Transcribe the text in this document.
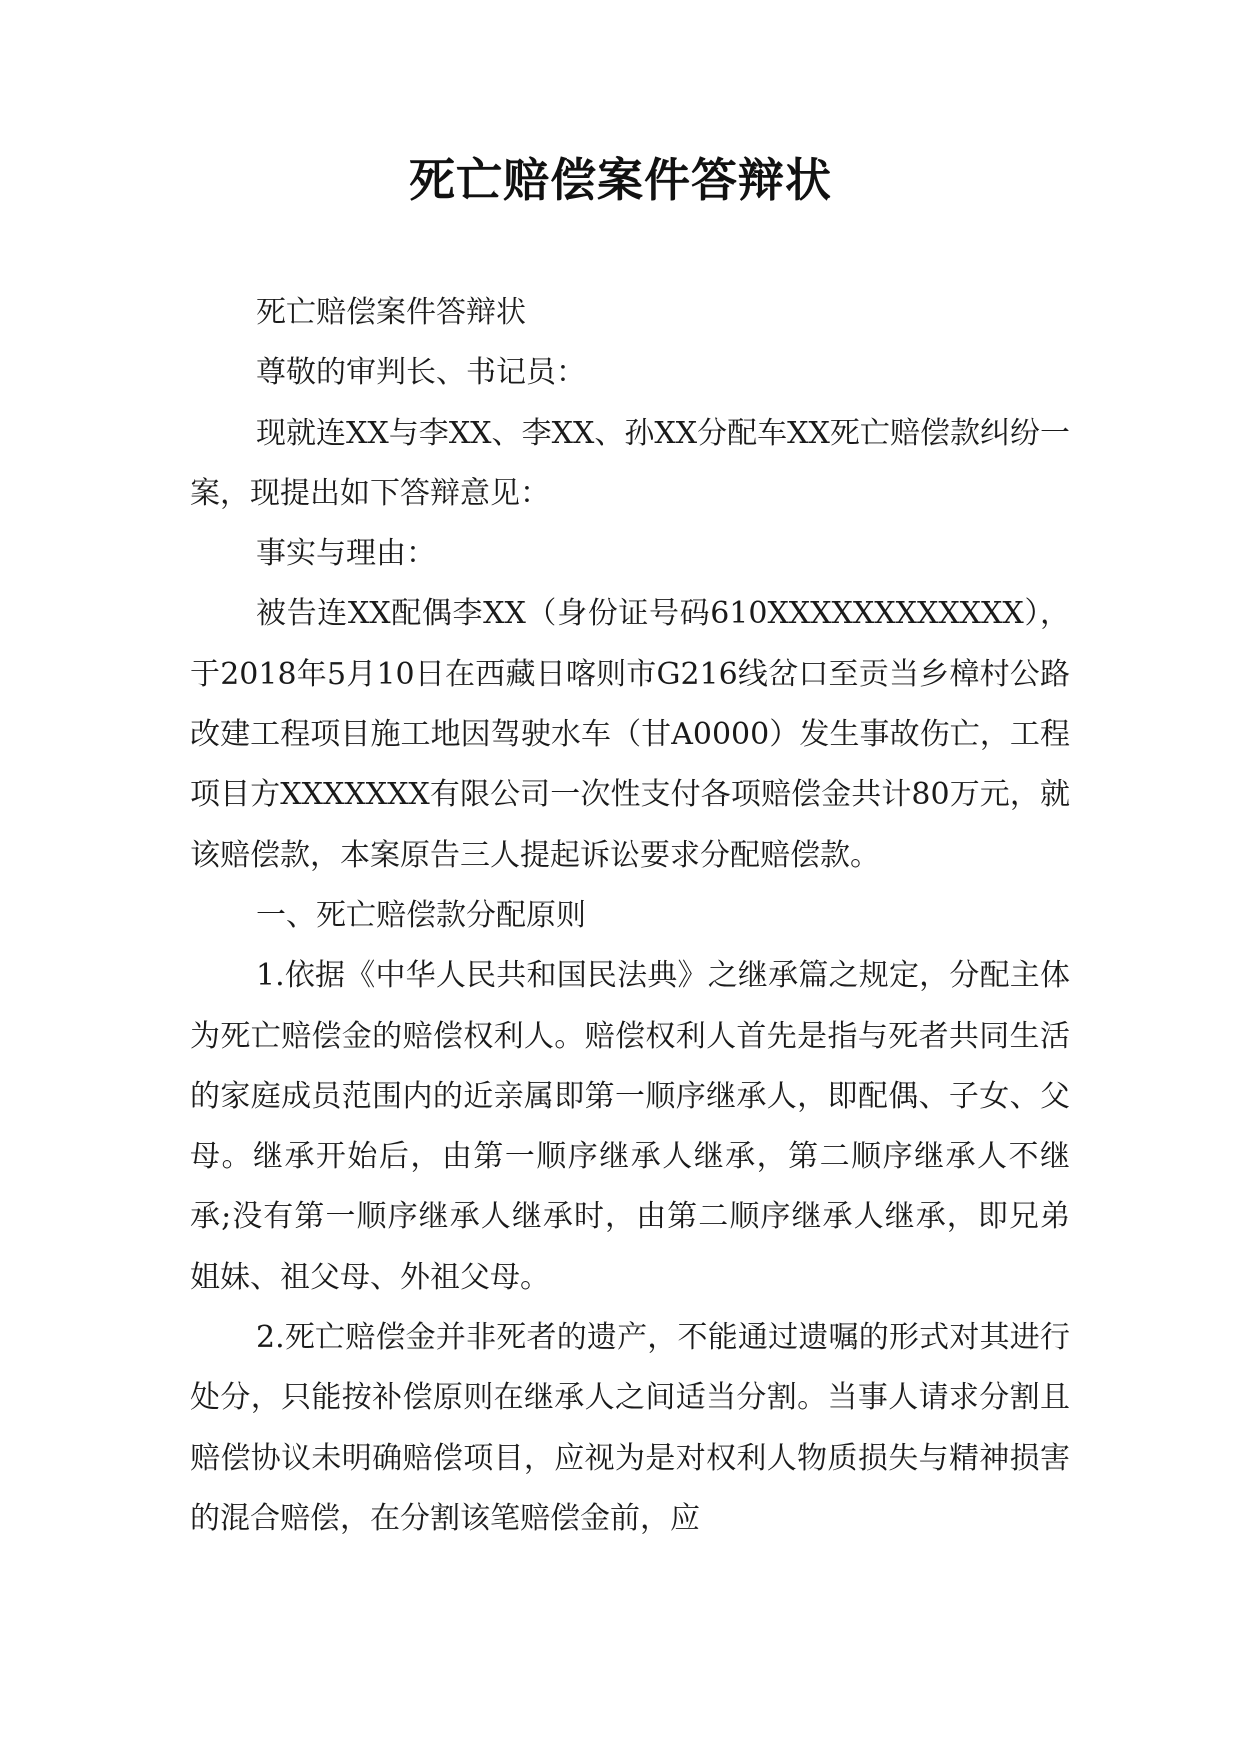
死亡赔偿案件答辩状

死亡赔偿案件答辩状

尊敬的审判长、书记员：

现就连XX与李XX、李XX、孙XX分配车XX死亡赔偿款纠纷一案，现提出如下答辩意见：

事实与理由：

被告连XX配偶李XX（身份证号码610XXXXXXXXXXXX），于2018年5月10日在西藏日喀则市G216线岔口至贡当乡樟村公路改建工程项目施工地因驾驶水车（甘A0000）发生事故伤亡，工程项目方XXXXXXX有限公司一次性支付各项赔偿金共计80万元，就该赔偿款，本案原告三人提起诉讼要求分配赔偿款。

一、死亡赔偿款分配原则

1.依据《中华人民共和国民法典》之继承篇之规定，分配主体为死亡赔偿金的赔偿权利人。赔偿权利人首先是指与死者共同生活的家庭成员范围内的近亲属即第一顺序继承人，即配偶、子女、父母。继承开始后，由第一顺序继承人继承，第二顺序继承人不继承;没有第一顺序继承人继承时，由第二顺序继承人继承，即兄弟姐妹、祖父母、外祖父母。

2.死亡赔偿金并非死者的遗产，不能通过遗嘱的形式对其进行处分，只能按补偿原则在继承人之间适当分割。当事人请求分割且赔偿协议未明确赔偿项目，应视为是对权利人物质损失与精神损害的混合赔偿，在分割该笔赔偿金前，应
